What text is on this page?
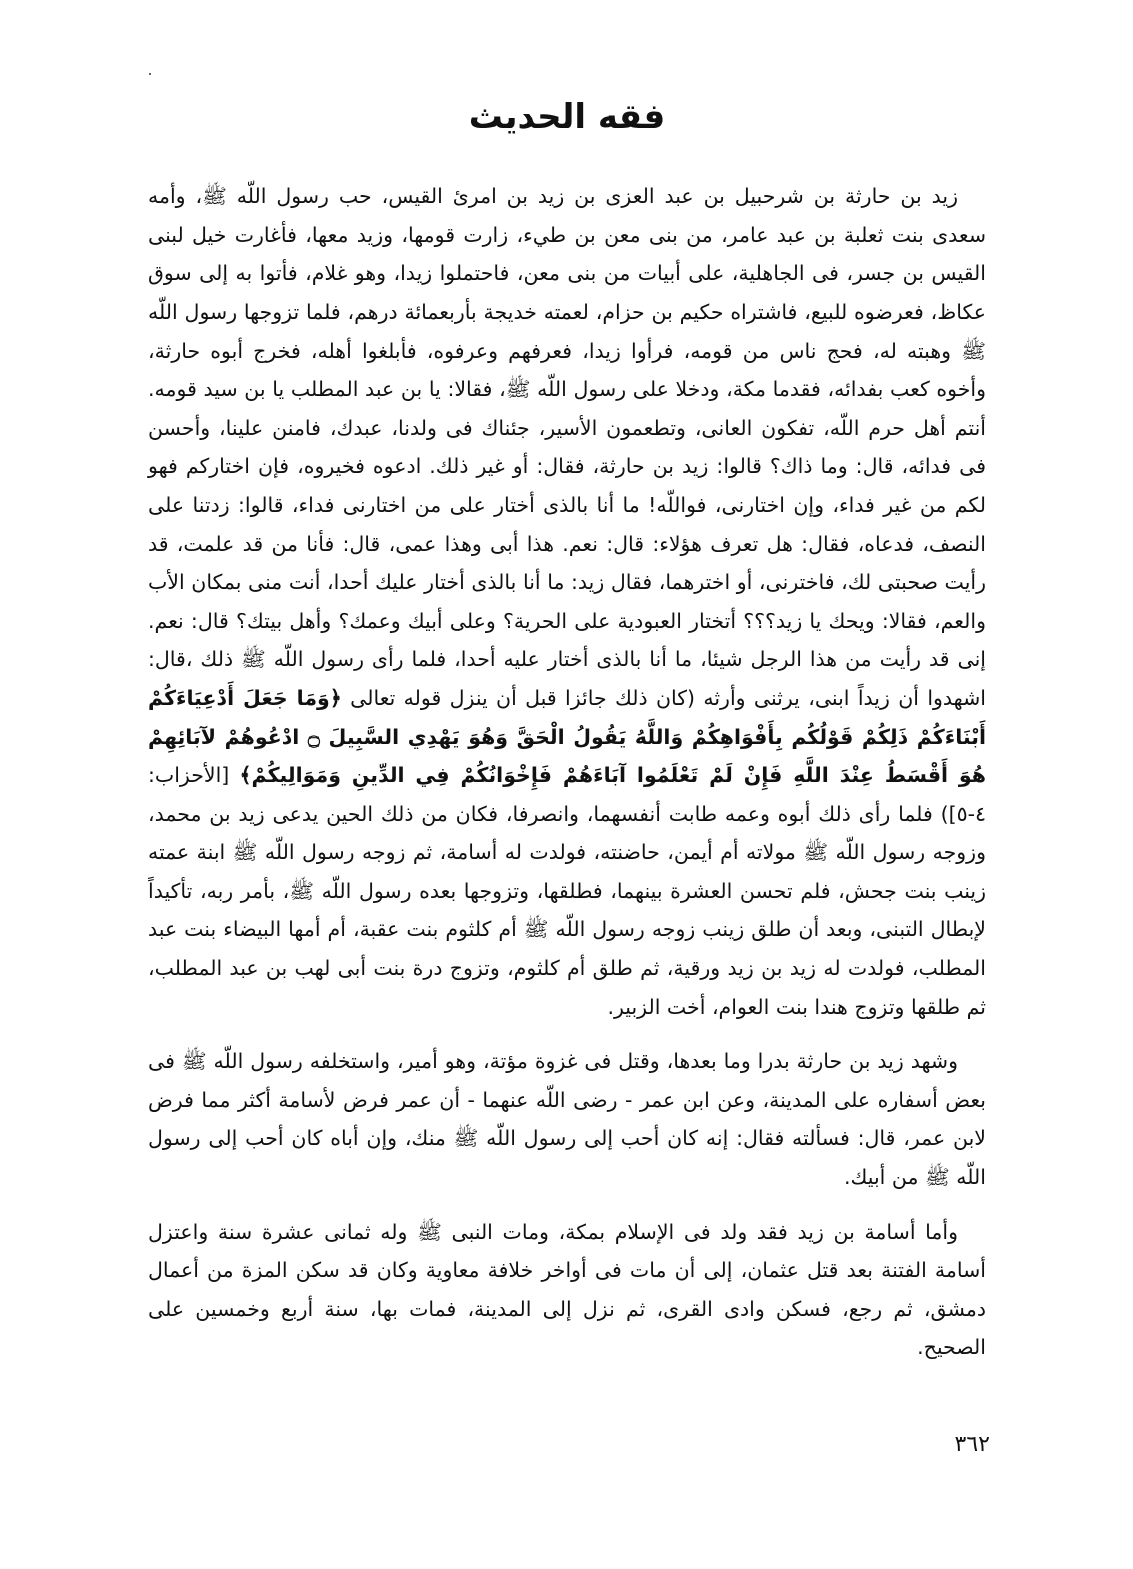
فقه الحديث

زيد بن حارثة بن شرحبيل بن عبد العزى بن زيد بن امرئ القيس، حب رسول اللّه ﷺ، وأمه سعدى بنت ثعلبة بن عبد عامر، من بنى معن بن طيء، زارت قومها، وزيد معها، فأغارت خيل لبنى القيس بن جسر، فى الجاهلية، على أبيات من بنى معن، فاحتملوا زيدا، وهو غلام، فأتوا به إلى سوق عكاظ، فعرضوه للبيع، فاشتراه حكيم بن حزام، لعمته خديجة بأربعمائة درهم، فلما تزوجها رسول اللّه ﷺ وهبته له، فحج ناس من قومه، فرأوا زيدا، فعرفهم وعرفوه، فأبلغوا أهله، فخرج أبوه حارثة، وأخوه كعب بفدائه، فقدما مكة، ودخلا على رسول اللّه ﷺ، فقالا: يا بن عبد المطلب يا بن سيد قومه. أنتم أهل حرم اللّه، تفكون العانى، وتطعمون الأسير، جئناك فى ولدنا، عبدك، فامنن علينا، وأحسن فى فدائه، قال: وما ذاك؟ قالوا: زيد بن حارثة، فقال: أو غير ذلك. ادعوه فخيروه، فإن اختاركم فهو لكم من غير فداء، وإن اختارنى، فواللّه! ما أنا بالذى أختار على من اختارنى فداء، قالوا: زدتنا على النصف، فدعاه، فقال: هل تعرف هؤلاء: قال: نعم. هذا أبى وهذا عمى، قال: فأنا من قد علمت، قد رأيت صحبتى لك، فاخترنى، أو اخترهما، فقال زيد: ما أنا بالذى أختار عليك أحدا، أنت منى بمكان الأب والعم، فقالا: ويحك يا زيد؟؟؟ أتختار العبودية على الحرية؟ وعلى أبيك وعمك؟ وأهل بيتك؟ قال: نعم. إنى قد رأيت من هذا الرجل شيئا، ما أنا بالذى أختار عليه أحدا، فلما رأى رسول اللّه ﷺ ذلك ،قال: اشهدوا أن زيداً ابنى، يرثنى وأرثه (كان ذلك جائزا قبل أن ينزل قوله تعالى ﴿وَمَا جَعَلَ أَدْعِيَاءَكُمْ أَبْنَاءَكُمْ ذَلِكُمْ قَوْلُكُم بِأَفْوَاهِكُمْ وَاللَّهُ يَقُولُ الْحَقَّ وَهُوَ يَهْدِي السَّبِيلَ ۝ ادْعُوهُمْ لآبَائِهِمْ هُوَ أَقْسَطُ عِنْدَ اللَّهِ فَإِنْ لَمْ تَعْلَمُوا آبَاءَهُمْ فَإِخْوَانُكُمْ فِي الدِّينِ وَمَوَالِيكُمْ﴾ [الأحزاب: ٤-٥]) فلما رأى ذلك أبوه وعمه طابت أنفسهما، وانصرفا، فكان من ذلك الحين يدعى زيد بن محمد، وزوجه رسول اللّه ﷺ مولاته أم أيمن، حاضنته، فولدت له أسامة، ثم زوجه رسول اللّه ﷺ ابنة عمته زينب بنت جحش، فلم تحسن العشرة بينهما، فطلقها، وتزوجها بعده رسول اللّه ﷺ، بأمر ربه، تأكيداً لإبطال التبنى، وبعد أن طلق زينب زوجه رسول اللّه ﷺ أم كلثوم بنت عقبة، أم أمها البيضاء بنت عبد المطلب، فولدت له زيد بن زيد ورقية، ثم طلق أم كلثوم، وتزوج درة بنت أبى لهب بن عبد المطلب، ثم طلقها وتزوج هندا بنت العوام، أخت الزبير.

وشهد زيد بن حارثة بدرا وما بعدها، وقتل فى غزوة مؤتة، وهو أمير، واستخلفه رسول اللّه ﷺ فى بعض أسفاره على المدينة، وعن ابن عمر - رضى اللّه عنهما - أن عمر فرض لأسامة أكثر مما فرض لابن عمر، قال: فسألته فقال: إنه كان أحب إلى رسول اللّه ﷺ منك، وإن أباه كان أحب إلى رسول اللّه ﷺ من أبيك.

وأما أسامة بن زيد فقد ولد فى الإسلام بمكة، ومات النبى ﷺ وله ثمانى عشرة سنة واعتزل أسامة الفتنة بعد قتل عثمان، إلى أن مات فى أواخر خلافة معاوية وكان قد سكن المزة من أعمال دمشق، ثم رجع، فسكن وادى القرى، ثم نزل إلى المدينة، فمات بها، سنة أربع وخمسين على الصحيح.

٣٦٢
